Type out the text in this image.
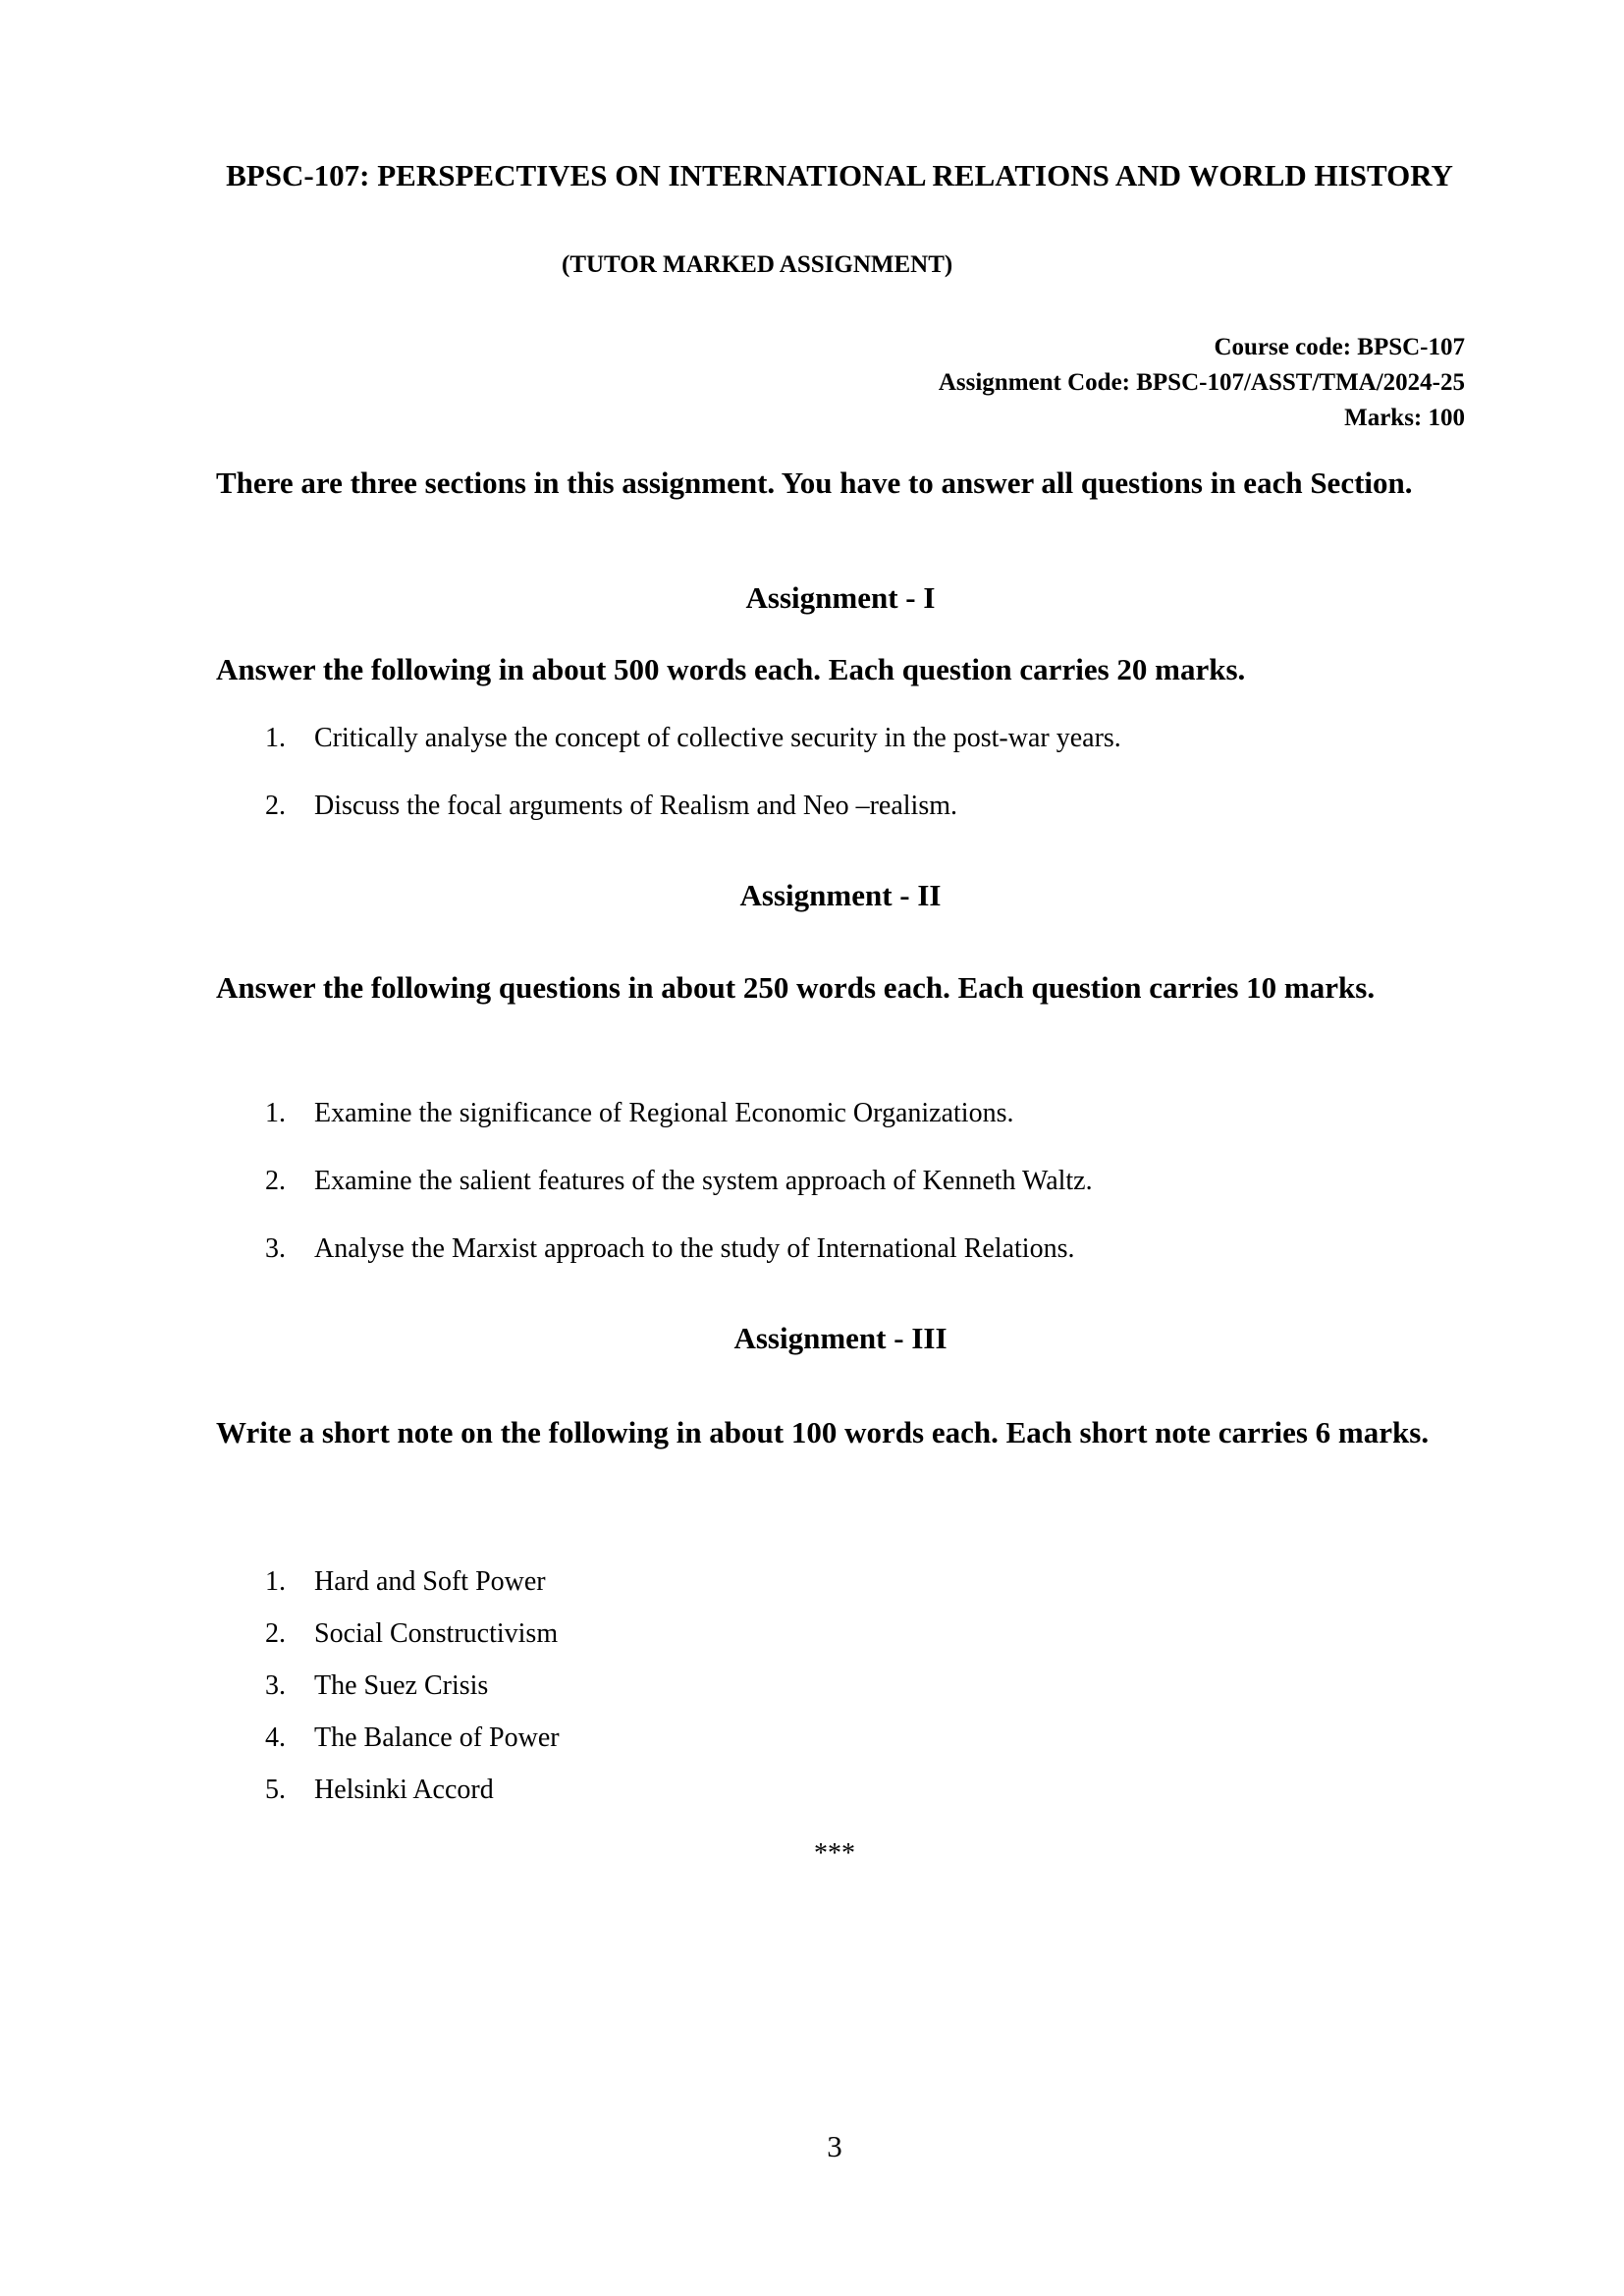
BPSC-107: PERSPECTIVES ON INTERNATIONAL RELATIONS AND WORLD HISTORY
(TUTOR MARKED ASSIGNMENT)
Course code: BPSC-107
Assignment Code: BPSC-107/ASST/TMA/2024-25
Marks: 100

There are three sections in this assignment. You have to answer all questions in each Section.

Assignment - I

Answer the following in about 500 words each. Each question carries 20 marks.

1. Critically analyse the concept of collective security in the post-war years.
2. Discuss the focal arguments of Realism and Neo –realism.
Assignment - II

Answer the following questions in about 250 words each. Each question carries 10 marks.

1. Examine the significance of Regional Economic Organizations.
2. Examine the salient features of the system approach of Kenneth Waltz.
3. Analyse the Marxist approach to the study of International Relations.
Assignment - III

Write a short note on the following in about 100 words each. Each short note carries 6 marks.

1. Hard and Soft Power
2. Social Constructivism
3. The Suez Crisis
4. The Balance of Power
5. Helsinki Accord
***
3
